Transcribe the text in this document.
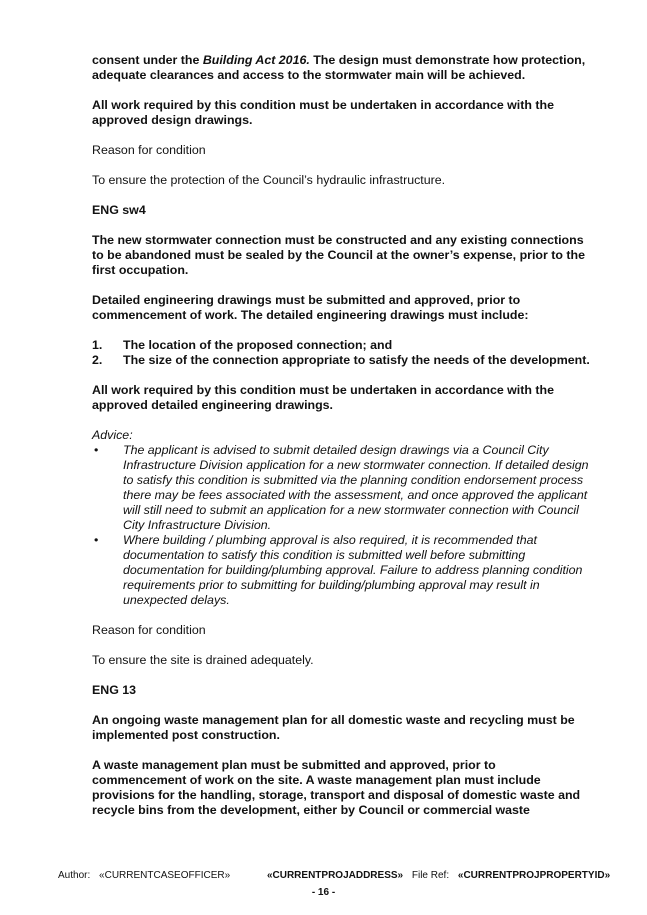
consent under the Building Act 2016. The design must demonstrate how protection, adequate clearances and access to the stormwater main will be achieved.

All work required by this condition must be undertaken in accordance with the approved design drawings.

Reason for condition

To ensure the protection of the Council’s hydraulic infrastructure.

ENG sw4

The new stormwater connection must be constructed and any existing connections to be abandoned must be sealed by the Council at the owner’s expense, prior to the first occupation.

Detailed engineering drawings must be submitted and approved, prior to commencement of work. The detailed engineering drawings must include:

1. The location of the proposed connection; and
2. The size of the connection appropriate to satisfy the needs of the development.

All work required by this condition must be undertaken in accordance with the approved detailed engineering drawings.

Advice:
• The applicant is advised to submit detailed design drawings via a Council City Infrastructure Division application for a new stormwater connection. If detailed design to satisfy this condition is submitted via the planning condition endorsement process there may be fees associated with the assessment, and once approved the applicant will still need to submit an application for a new stormwater connection with Council City Infrastructure Division.
• Where building / plumbing approval is also required, it is recommended that documentation to satisfy this condition is submitted well before submitting documentation for building/plumbing approval. Failure to address planning condition requirements prior to submitting for building/plumbing approval may result in unexpected delays.

Reason for condition

To ensure the site is drained adequately.

ENG 13

An ongoing waste management plan for all domestic waste and recycling must be implemented post construction.

A waste management plan must be submitted and approved, prior to commencement of work on the site. A waste management plan must include provisions for the handling, storage, transport and disposal of domestic waste and recycle bins from the development, either by Council or commercial waste

Author: «CURRENTCASEOFFICER»	«CURRENTPROJADDRESS» File Ref: «CURRENTPROJPROPERTYID»
- 16 -
